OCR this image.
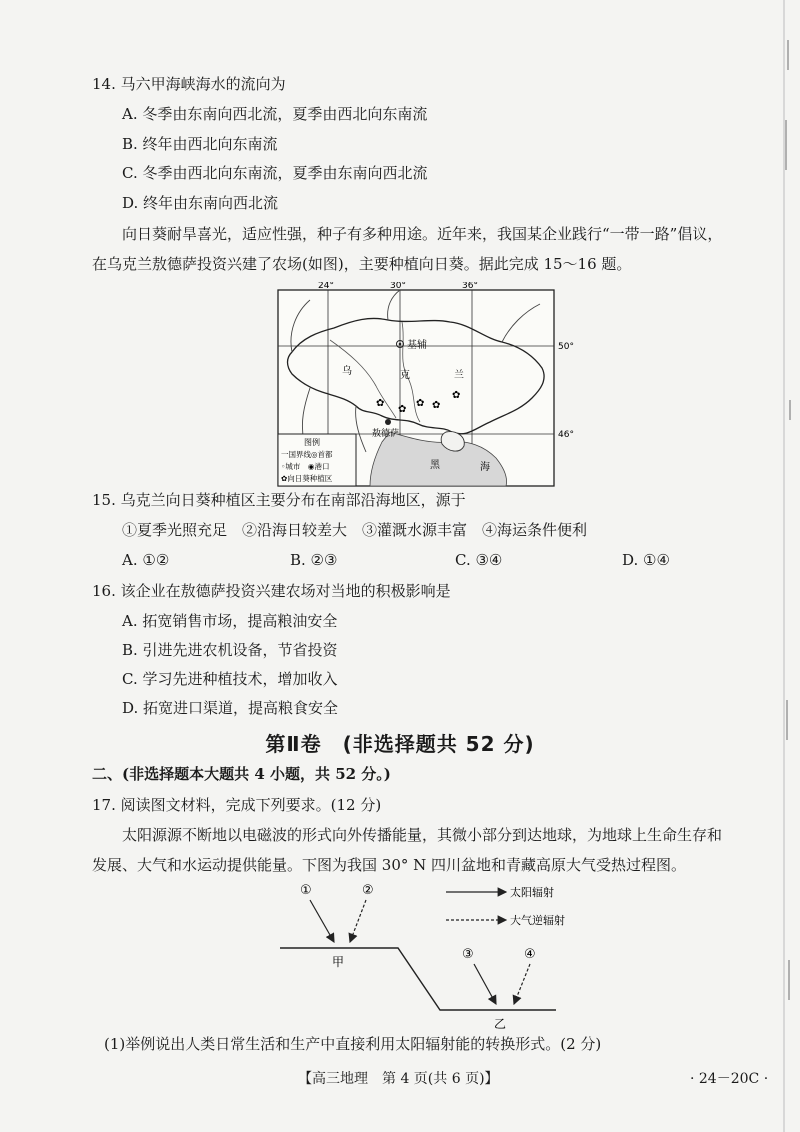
14. 马六甲海峡海水的流向为
A. 冬季由东南向西北流，夏季由西北向东南流
B. 终年由西北向东南流
C. 冬季由西北向东南流，夏季由东南向西北流
D. 终年由东南向西北流
向日葵耐旱喜光，适应性强，种子有多种用途。近年来，我国某企业践行“一带一路”倡议，
在乌克兰敖德萨投资兴建了农场(如图)，主要种植向日葵。据此完成 15～16 题。
24°	30°	36°
50°
46°
基辅
乌	克	兰
✿
✿
✿ ✿
✿
敖德萨
黑	海
图例
一国界线◎首都
◦城市　◉港口
✿向日葵种植区
15. 乌克兰向日葵种植区主要分布在南部沿海地区，源于
①夏季光照充足　②沿海日较差大　③灌溉水源丰富　④海运条件便利
A. ①②	B. ②③	C. ③④	D. ①④
16. 该企业在敖德萨投资兴建农场对当地的积极影响是
A. 拓宽销售市场，提高粮油安全
B. 引进先进农机设备，节省投资
C. 学习先进种植技术，增加收入
D. 拓宽进口渠道，提高粮食安全
第Ⅱ卷　(非选择题共 52 分)
二、(非选择题本大题共 4 小题，共 52 分。)
17. 阅读图文材料，完成下列要求。(12 分)
太阳源源不断地以电磁波的形式向外传播能量，其微小部分到达地球，为地球上生命生存和
发展、大气和水运动提供能量。下图为我国 30° N 四川盆地和青藏高原大气受热过程图。
甲
乙
①	②
③	④
太阳辐射
大气逆辐射
(1)举例说出人类日常生活和生产中直接利用太阳辐射能的转换形式。(2 分)
【高三地理　第 4 页(共 6 页)】	· 24－20C ·
